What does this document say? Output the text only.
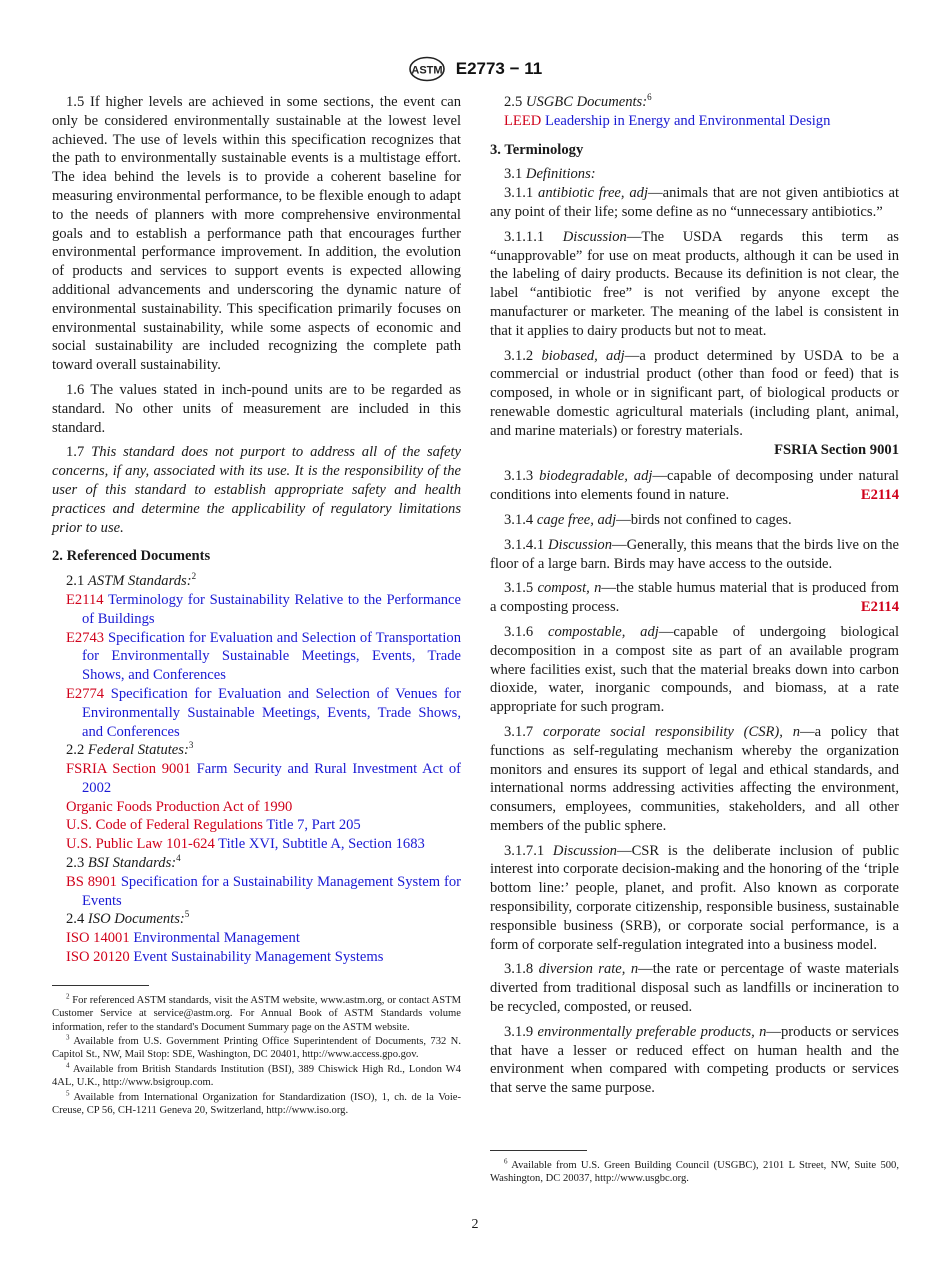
ASTM E2773 − 11

1.5 If higher levels are achieved in some sections, the event can only be considered environmentally sustainable at the lowest level achieved. The use of levels within this specification recognizes that the path to environmentally sustainable events is a multistage effort. The idea behind the levels is to provide a coherent baseline for measuring environmental performance, to be flexible enough to adapt to the needs of planners with more comprehensive environmental goals and to establish a performance path that encourages further environmental performance improvement. In addition, the evolution of products and services to support events is expected allowing additional advancements and underscoring the dynamic nature of environmental sustainability. This specification primarily focuses on environmental sustainability, while some aspects of economic and social sustainability are included recognizing the complete path toward overall sustainability.

1.6 The values stated in inch-pound units are to be regarded as standard. No other units of measurement are included in this standard.

1.7 This standard does not purport to address all of the safety concerns, if any, associated with its use. It is the responsibility of the user of this standard to establish appropriate safety and health practices and determine the applicability of regulatory limitations prior to use.

2. Referenced Documents

2.1 ASTM Standards:$^2$

E2114 Terminology for Sustainability Relative to the Performance of Buildings

E2743 Specification for Evaluation and Selection of Transportation for Environmentally Sustainable Meetings, Events, Trade Shows, and Conferences

E2774 Specification for Evaluation and Selection of Venues for Environmentally Sustainable Meetings, Events, Trade Shows, and Conferences

2.2 Federal Statutes:$^3$

FSRIA Section 9001 Farm Security and Rural Investment Act of 2002

Organic Foods Production Act of 1990

U.S. Code of Federal Regulations Title 7, Part 205

U.S. Public Law 101-624 Title XVI, Subtitle A, Section 1683

2.3 BSI Standards:$^4$

BS 8901 Specification for a Sustainability Management System for Events

2.4 ISO Documents:$^5$

ISO 14001 Environmental Management

ISO 20120 Event Sustainability Management Systems

$^2$ For referenced ASTM standards, visit the ASTM website, www.astm.org, or contact ASTM Customer Service at service@astm.org. For Annual Book of ASTM Standards volume information, refer to the standard's Document Summary page on the ASTM website.

$^3$ Available from U.S. Government Printing Office Superintendent of Documents, 732 N. Capitol St., NW, Mail Stop: SDE, Washington, DC 20401, http://www.access.gpo.gov.

$^4$ Available from British Standards Institution (BSI), 389 Chiswick High Rd., London W4 4AL, U.K., http://www.bsigroup.com.

$^5$ Available from International Organization for Standardization (ISO), 1, ch. de la Voie-Creuse, CP 56, CH-1211 Geneva 20, Switzerland, http://www.iso.org.

2.5 USGBC Documents:$^6$

LEED Leadership in Energy and Environmental Design

3. Terminology

3.1 Definitions:

3.1.1 antibiotic free, adj—animals that are not given antibiotics at any point of their life; some define as no “unnecessary antibiotics.”

3.1.1.1 Discussion—The USDA regards this term as “unapprovable” for use on meat products, although it can be used in the labeling of dairy products. Because its definition is not clear, the label “antibiotic free” is not verified by anyone except the manufacturer or marketer. The meaning of the label is consistent in that it applies to dairy products but not to meat.

3.1.2 biobased, adj—a product determined by USDA to be a commercial or industrial product (other than food or feed) that is composed, in whole or in significant part, of biological products or renewable domestic agricultural materials (including plant, animal, and marine materials) or forestry materials.

FSRIA Section 9001

3.1.3 biodegradable, adj—capable of decomposing under natural conditions into elements found in nature.	E2114

3.1.4 cage free, adj—birds not confined to cages.

3.1.4.1 Discussion—Generally, this means that the birds live on the floor of a large barn. Birds may have access to the outside.

3.1.5 compost, n—the stable humus material that is produced from a composting process.	E2114

3.1.6 compostable, adj—capable of undergoing biological decomposition in a compost site as part of an available program where facilities exist, such that the material breaks down into carbon dioxide, water, inorganic compounds, and biomass, at a rate appropriate for such program.

3.1.7 corporate social responsibility (CSR), n—a policy that functions as self-regulating mechanism whereby the organization monitors and ensures its support of legal and ethical standards, and international norms addressing activities affecting the environment, consumers, employees, communities, stakeholders, and all other members of the public sphere.

3.1.7.1 Discussion—CSR is the deliberate inclusion of public interest into corporate decision-making and the honoring of the ‘triple bottom line:’ people, planet, and profit. Also known as corporate responsibility, corporate citizenship, responsible business, sustainable responsible business (SRB), or corporate social performance, is a form of corporate self-regulation integrated into a business model.

3.1.8 diversion rate, n—the rate or percentage of waste materials diverted from traditional disposal such as landfills or incineration to be recycled, composted, or reused.

3.1.9 environmentally preferable products, n—products or services that have a lesser or reduced effect on human health and the environment when compared with competing products or services that serve the same purpose.

$^6$ Available from U.S. Green Building Council (USGBC), 2101 L Street, NW, Suite 500, Washington, DC 20037, http://www.usgbc.org.

2
